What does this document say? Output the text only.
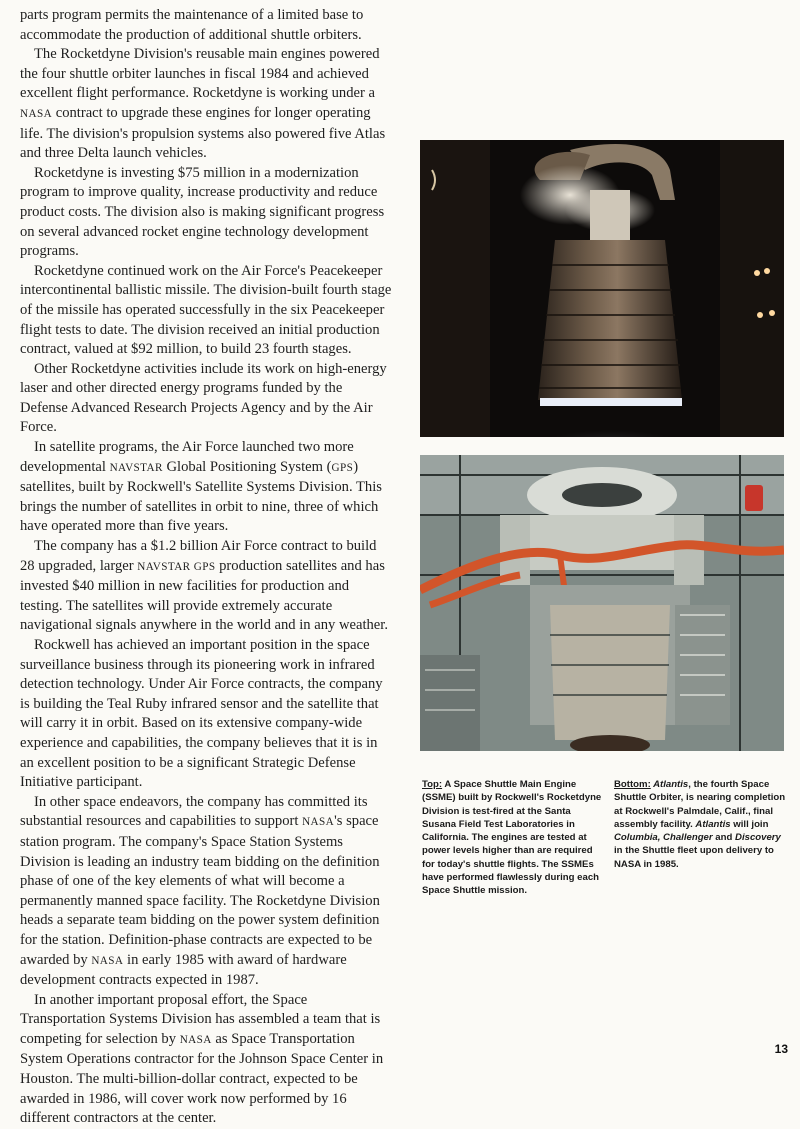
parts program permits the maintenance of a limited base to accommodate the production of additional shuttle orbiters.

The Rocketdyne Division's reusable main engines powered the four shuttle orbiter launches in fiscal 1984 and achieved excellent flight performance. Rocketdyne is working under a NASA contract to upgrade these engines for longer operating life. The division's propulsion systems also powered five Atlas and three Delta launch vehicles.

Rocketdyne is investing $75 million in a modernization program to improve quality, increase productivity and reduce product costs. The division also is making significant progress on several advanced rocket engine technology development programs.

Rocketdyne continued work on the Air Force's Peacekeeper intercontinental ballistic missile. The division-built fourth stage of the missile has operated successfully in the six Peacekeeper flight tests to date. The division received an initial production contract, valued at $92 million, to build 23 fourth stages.

Other Rocketdyne activities include its work on high-energy laser and other directed energy programs funded by the Defense Advanced Research Projects Agency and by the Air Force.

In satellite programs, the Air Force launched two more developmental NAVSTAR Global Positioning System (GPS) satellites, built by Rockwell's Satellite Systems Division. This brings the number of satellites in orbit to nine, three of which have operated more than five years.

The company has a $1.2 billion Air Force contract to build 28 upgraded, larger NAVSTAR GPS production satellites and has invested $40 million in new facilities for production and testing. The satellites will provide extremely accurate navigational signals anywhere in the world and in any weather.

Rockwell has achieved an important position in the space surveillance business through its pioneering work in infrared detection technology. Under Air Force contracts, the company is building the Teal Ruby infrared sensor and the satellite that will carry it in orbit. Based on its extensive company-wide experience and capabilities, the company believes that it is in an excellent position to be a significant Strategic Defense Initiative participant.

In other space endeavors, the company has committed its substantial resources and capabilities to support NASA's space station program. The company's Space Station Systems Division is leading an industry team bidding on the definition phase of one of the key elements of what will become a permanently manned space facility. The Rocketdyne Division heads a separate team bidding on the power system definition for the station. Definition-phase contracts are expected to be awarded by NASA in early 1985 with award of hardware development contracts expected in 1987.

In another important proposal effort, the Space Transportation Systems Division has assembled a team that is competing for selection by NASA as Space Transportation System Operations contractor for the Johnson Space Center in Houston. The multi-billion-dollar contract, expected to be awarded in 1986, will cover work now performed by 16 different contractors at the center.

Top: A Space Shuttle Main Engine (SSME) built by Rockwell's Rocketdyne Division is test-fired at the Santa Susana Field Test Laboratories in California. The engines are tested at power levels higher than are required for today's shuttle flights. The SSMEs have performed flawlessly during each Space Shuttle mission.
Bottom: Atlantis, the fourth Space Shuttle Orbiter, is nearing completion at Rockwell's Palmdale, Calif., final assembly facility. Atlantis will join Columbia, Challenger and Discovery in the Shuttle fleet upon delivery to NASA in 1985.
13
